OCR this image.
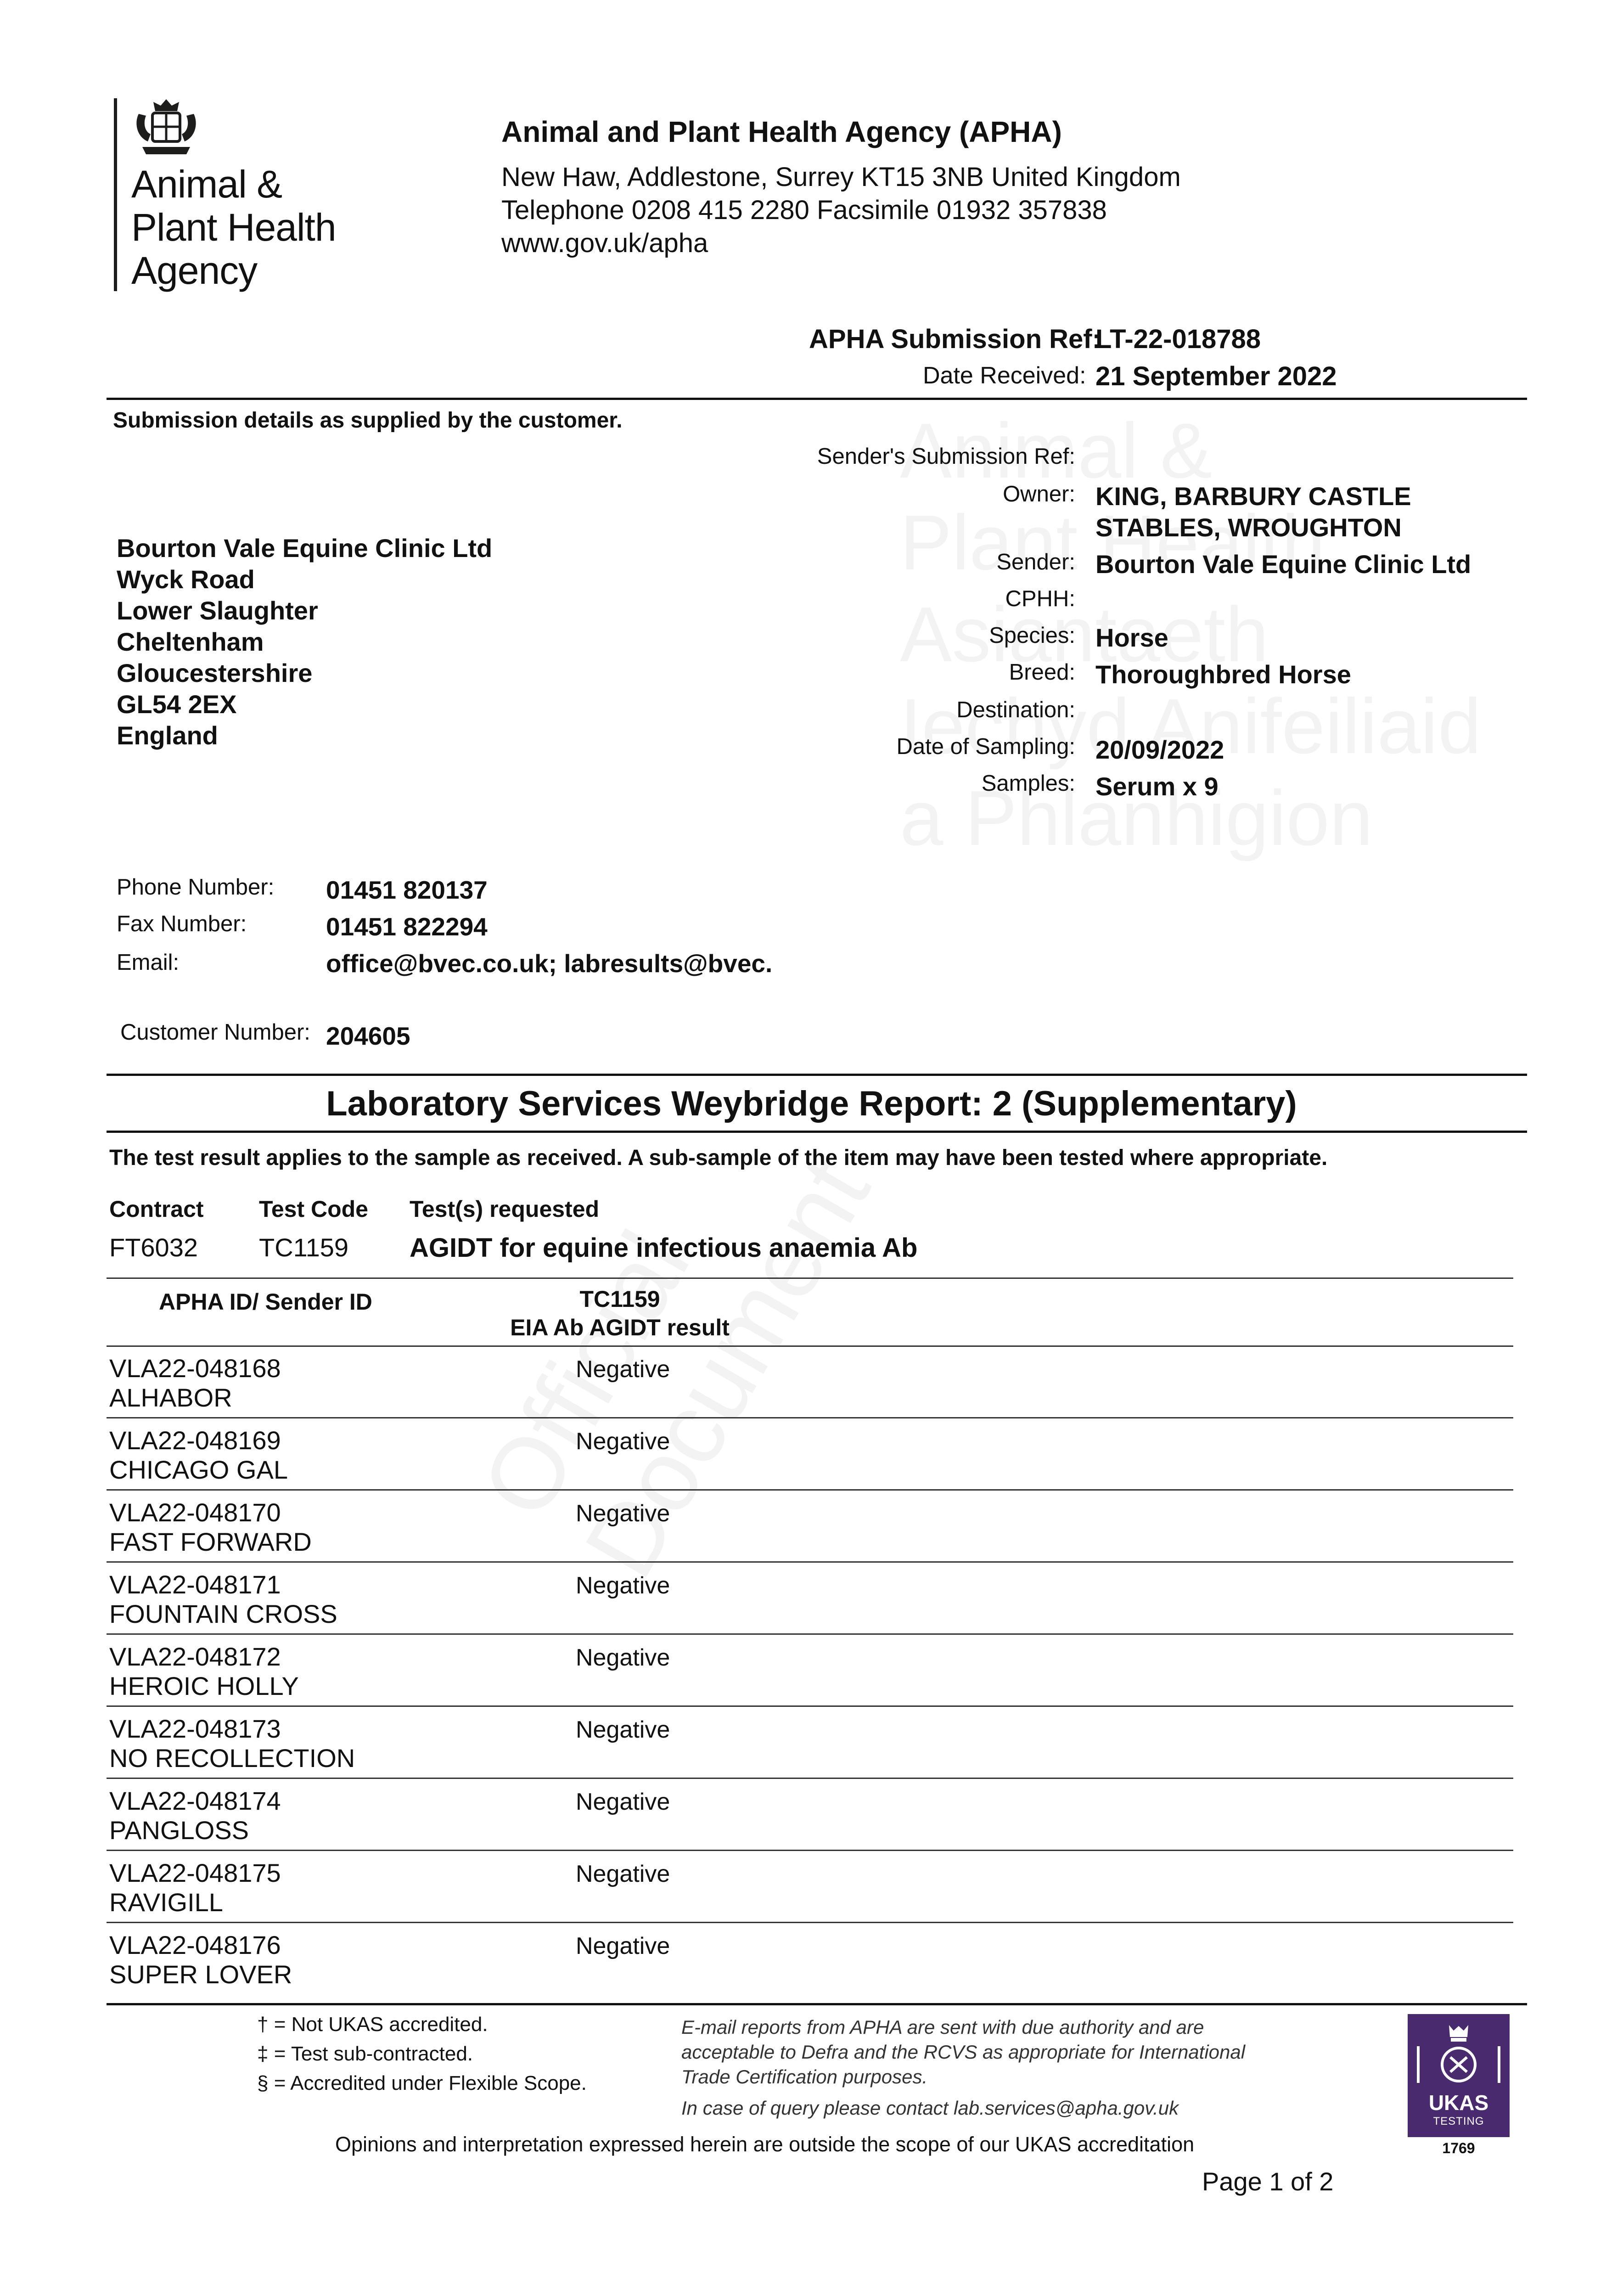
Animal &
Plant Health
Agency
Animal and Plant Health Agency (APHA)
New Haw, Addlestone, Surrey KT15 3NB United Kingdom
Telephone 0208 415 2280 Facsimile 01932 357838
www.gov.uk/apha
APHA Submission Ref:
LT-22-018788
Date Received: 21 September 2022
Submission details as supplied by the customer.
Sender's Submission Ref:
Owner: KING, BARBURY CASTLE
STABLES, WROUGHTON
Sender: Bourton Vale Equine Clinic Ltd
CPHH:
Species: Horse
Breed: Thoroughbred Horse
Destination:
Date of Sampling: 20/09/2022
Samples: Serum x 9
Bourton Vale Equine Clinic Ltd
Wyck Road
Lower Slaughter
Cheltenham
Gloucestershire
GL54 2EX
England
Phone Number: 01451 820137
Fax Number:	01451 822294
Email:	office@bvec.co.uk; labresults@bvec.
Customer Number: 204605
Laboratory Services Weybridge Report: 2 (Supplementary)
The test result applies to the sample as received. A sub-sample of the item may have been tested where appropriate.
Contract Test Code Test(s) requested
FT6032 TC1159 AGIDT for equine infectious anaemia Ab
APHA ID/ Sender ID	TC1159
EIA Ab AGIDT result
VLA22-048168
ALHABOR
Negative
VLA22-048169
CHICAGO GAL
Negative
VLA22-048170
FAST FORWARD
Negative
VLA22-048171
FOUNTAIN CROSS
Negative
VLA22-048172
HEROIC HOLLY
Negative
VLA22-048173
NO RECOLLECTION
Negative
VLA22-048174
PANGLOSS
Negative
VLA22-048175
RAVIGILL
Negative
VLA22-048176
SUPER LOVER
Negative
† = Not UKAS accredited.
‡ = Test sub-contracted.
§ = Accredited under Flexible Scope.
E-mail reports from APHA are sent with due authority and are
acceptable to Defra and the RCVS as appropriate for International
Trade Certification purposes.
In case of query please contact lab.services@apha.gov.uk
Opinions and interpretation expressed herein are outside the scope of our UKAS accreditation
Page 1 of 2
UKAS
TESTING
1769
